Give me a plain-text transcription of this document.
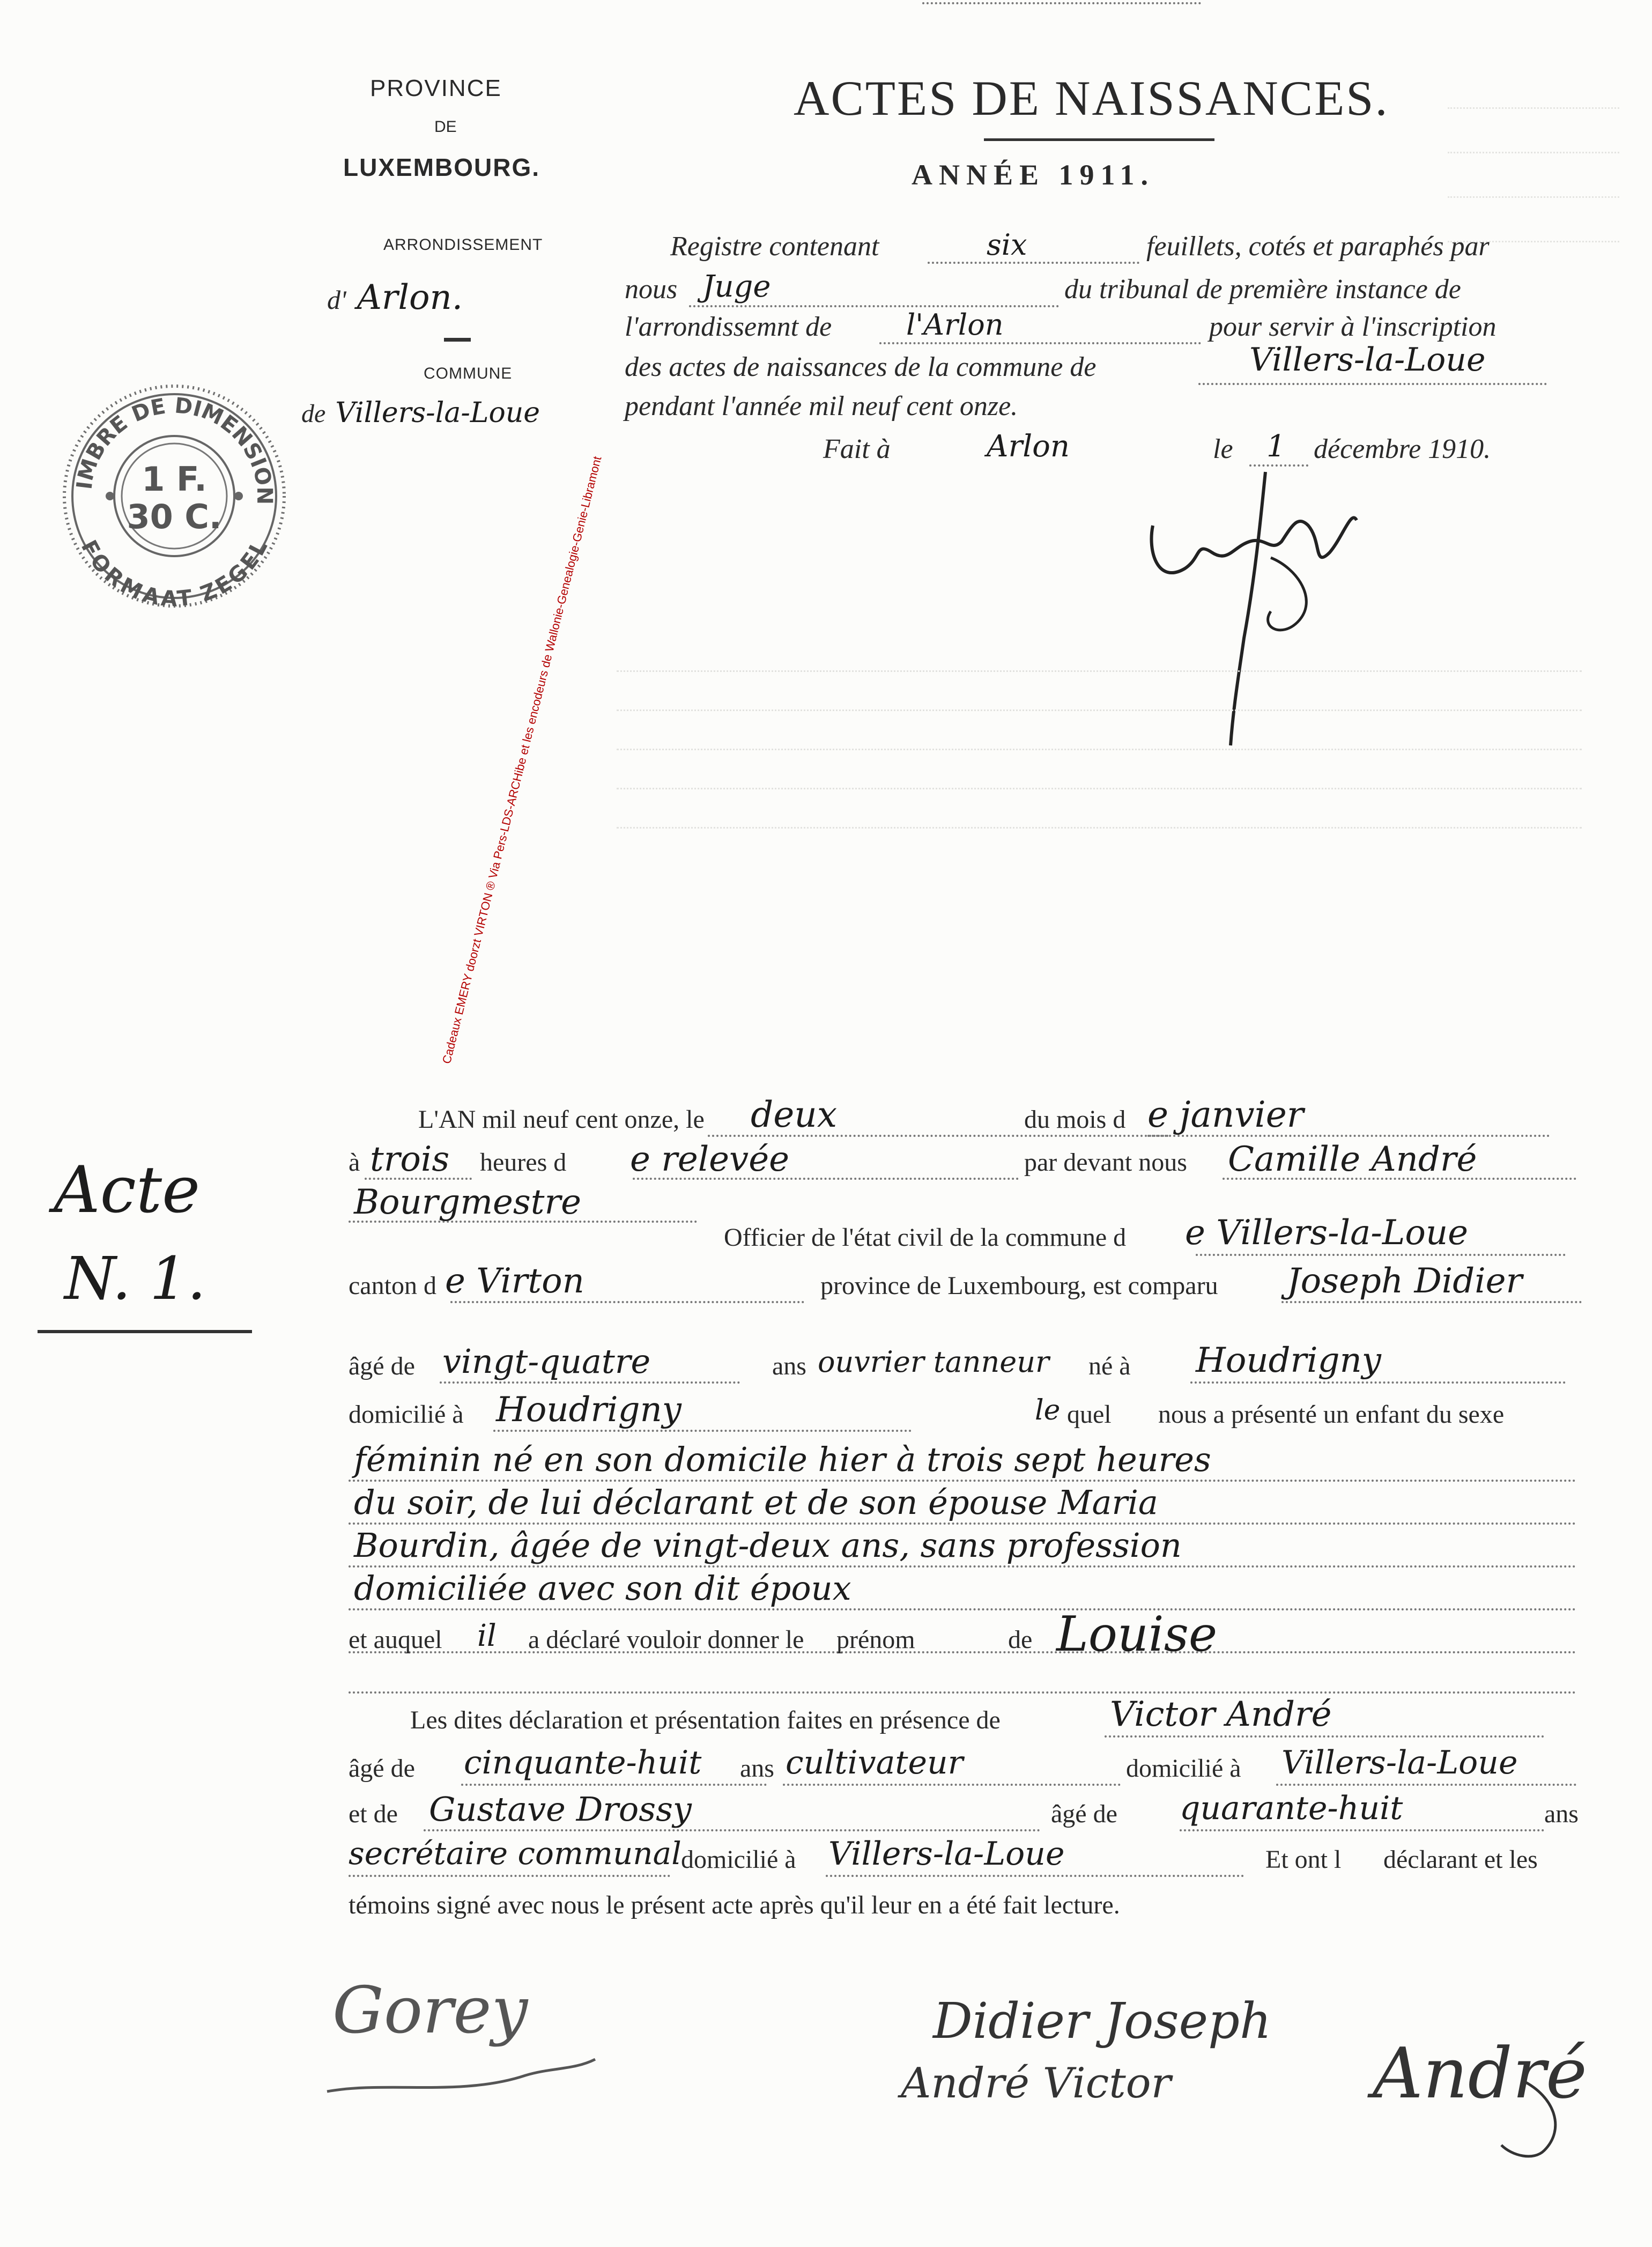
PROVINCE
DE
LUXEMBOURG.
ARRONDISSEMENT
d' Arlon.
COMMUNE
de Villers-la-Loue
IMBRE DE DIMENSION
FORMAAT ZEGEL
1 F.
30 C.
ACTES DE NAISSANCES.
ANNÉE 1911.
Registre contenant	six	feuillets, cotés et paraphés par
nous Juge	du tribunal de première instance de
l'arrondissemnt de	l'Arlon	pour servir à l'inscription
des actes de naissances de la commune de	Villers-la-Loue
pendant l'année mil neuf cent onze.
Fait à	Arlon	le 1 décembre 1910.
Cadeaux EMERY doorzt VIRTON ® Via Pers-LDS-ARCHibe et les encodeurs de Wallonie-Genealogie-Genie-Libramont
Acte
N. 1.
L'AN mil neuf cent onze, le deux	du mois d e janvier
à trois heures d e relevée	par devant nous Camille André
Bourgmestre
Officier de l'état civil de la commune d e Villers-la-Loue
canton d e Virton	province de Luxembourg, est comparu Joseph Didier
âgé de vingt-quatre	ans ouvrier tanneur né à Houdrigny
domicilié à Houdrigny	le quel nous a présenté un enfant du sexe
féminin né en son domicile hier à trois sept heures
du soir, de lui déclarant et de son épouse Maria
Bourdin, âgée de vingt-deux ans, sans profession
domiciliée avec son dit époux
et auquel il a déclaré vouloir donner le prénom	de Louise
Les dites déclaration et présentation faites en présence de	Victor André
âgé de cinquante-huit ans cultivateur	domicilié à Villers-la-Loue
et de Gustave Drossy	âgé de quarante-huit	ans
secrétaire communal domicilié à Villers-la-Loue	Et ont l déclarant et les
témoins signé avec nous le présent acte après qu'il leur en a été fait lecture.
Gorey	Didier Joseph
André Victor	André
